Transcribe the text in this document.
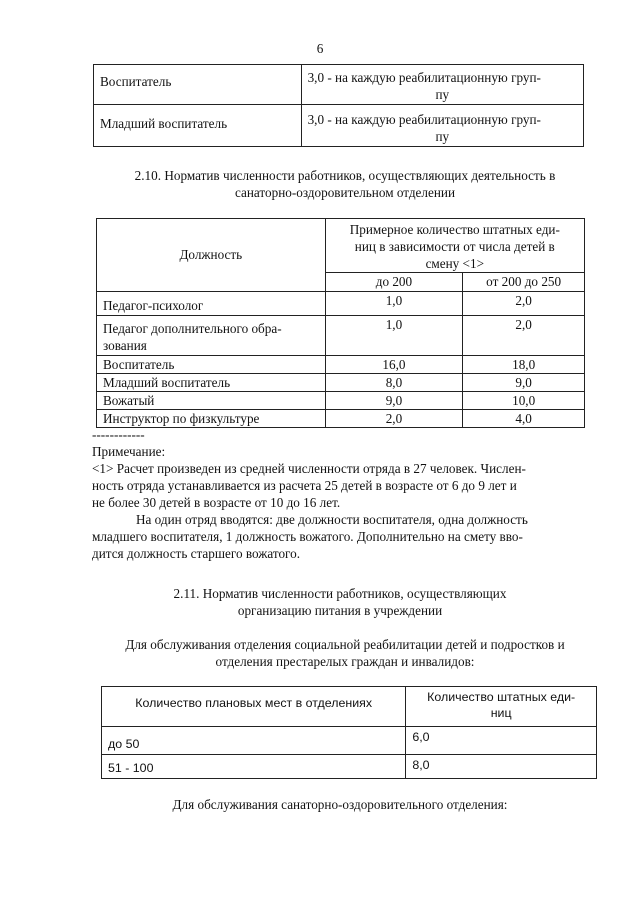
6
Воспитатель	3,0 - на каждую реабилитационную груп-
пу

Младший воспитатель	3,0 - на каждую реабилитационную груп-
пу
2.10. Норматив численности работников, осуществляющих деятельность в
санаторно-оздоровительном отделении
Должность	Примерное количество штатных еди-
ниц в зависимости от числа детей в
смену <1>	

	до 200	от 200 до 250
Педагог-психолог	1,0	2,0

Педагог дополнительного обра-
зования	1,0	2,0
Воспитатель	16,0	18,0
Младший воспитатель	8,0	9,0
Вожатый	9,0	10,0
Инструктор по физкультуре	2,0	4,0
------------
Примечание:
<1> Расчет произведен из средней численности отряда в 27 человек. Числен-
ность отряда устанавливается из расчета 25 детей в возрасте от 6 до 9 лет и
не более 30 детей в возрасте от 10 до 16 лет.
На один отряд вводятся: две должности воспитателя, одна должность
младшего воспитателя, 1 должность вожатого. Дополнительно на смету вво-
дится должность старшего вожатого.
2.11. Норматив численности работников, осуществляющих
организацию питания в учреждении
Для обслуживания отделения социальной реабилитации детей и подростков и
отделения престарелых граждан и инвалидов:
Количество плановых мест в отделениях	Количество штатных еди-
ниц

до 50	6,0
51 - 100	8,0
Для обслуживания санаторно-оздоровительного отделения:
